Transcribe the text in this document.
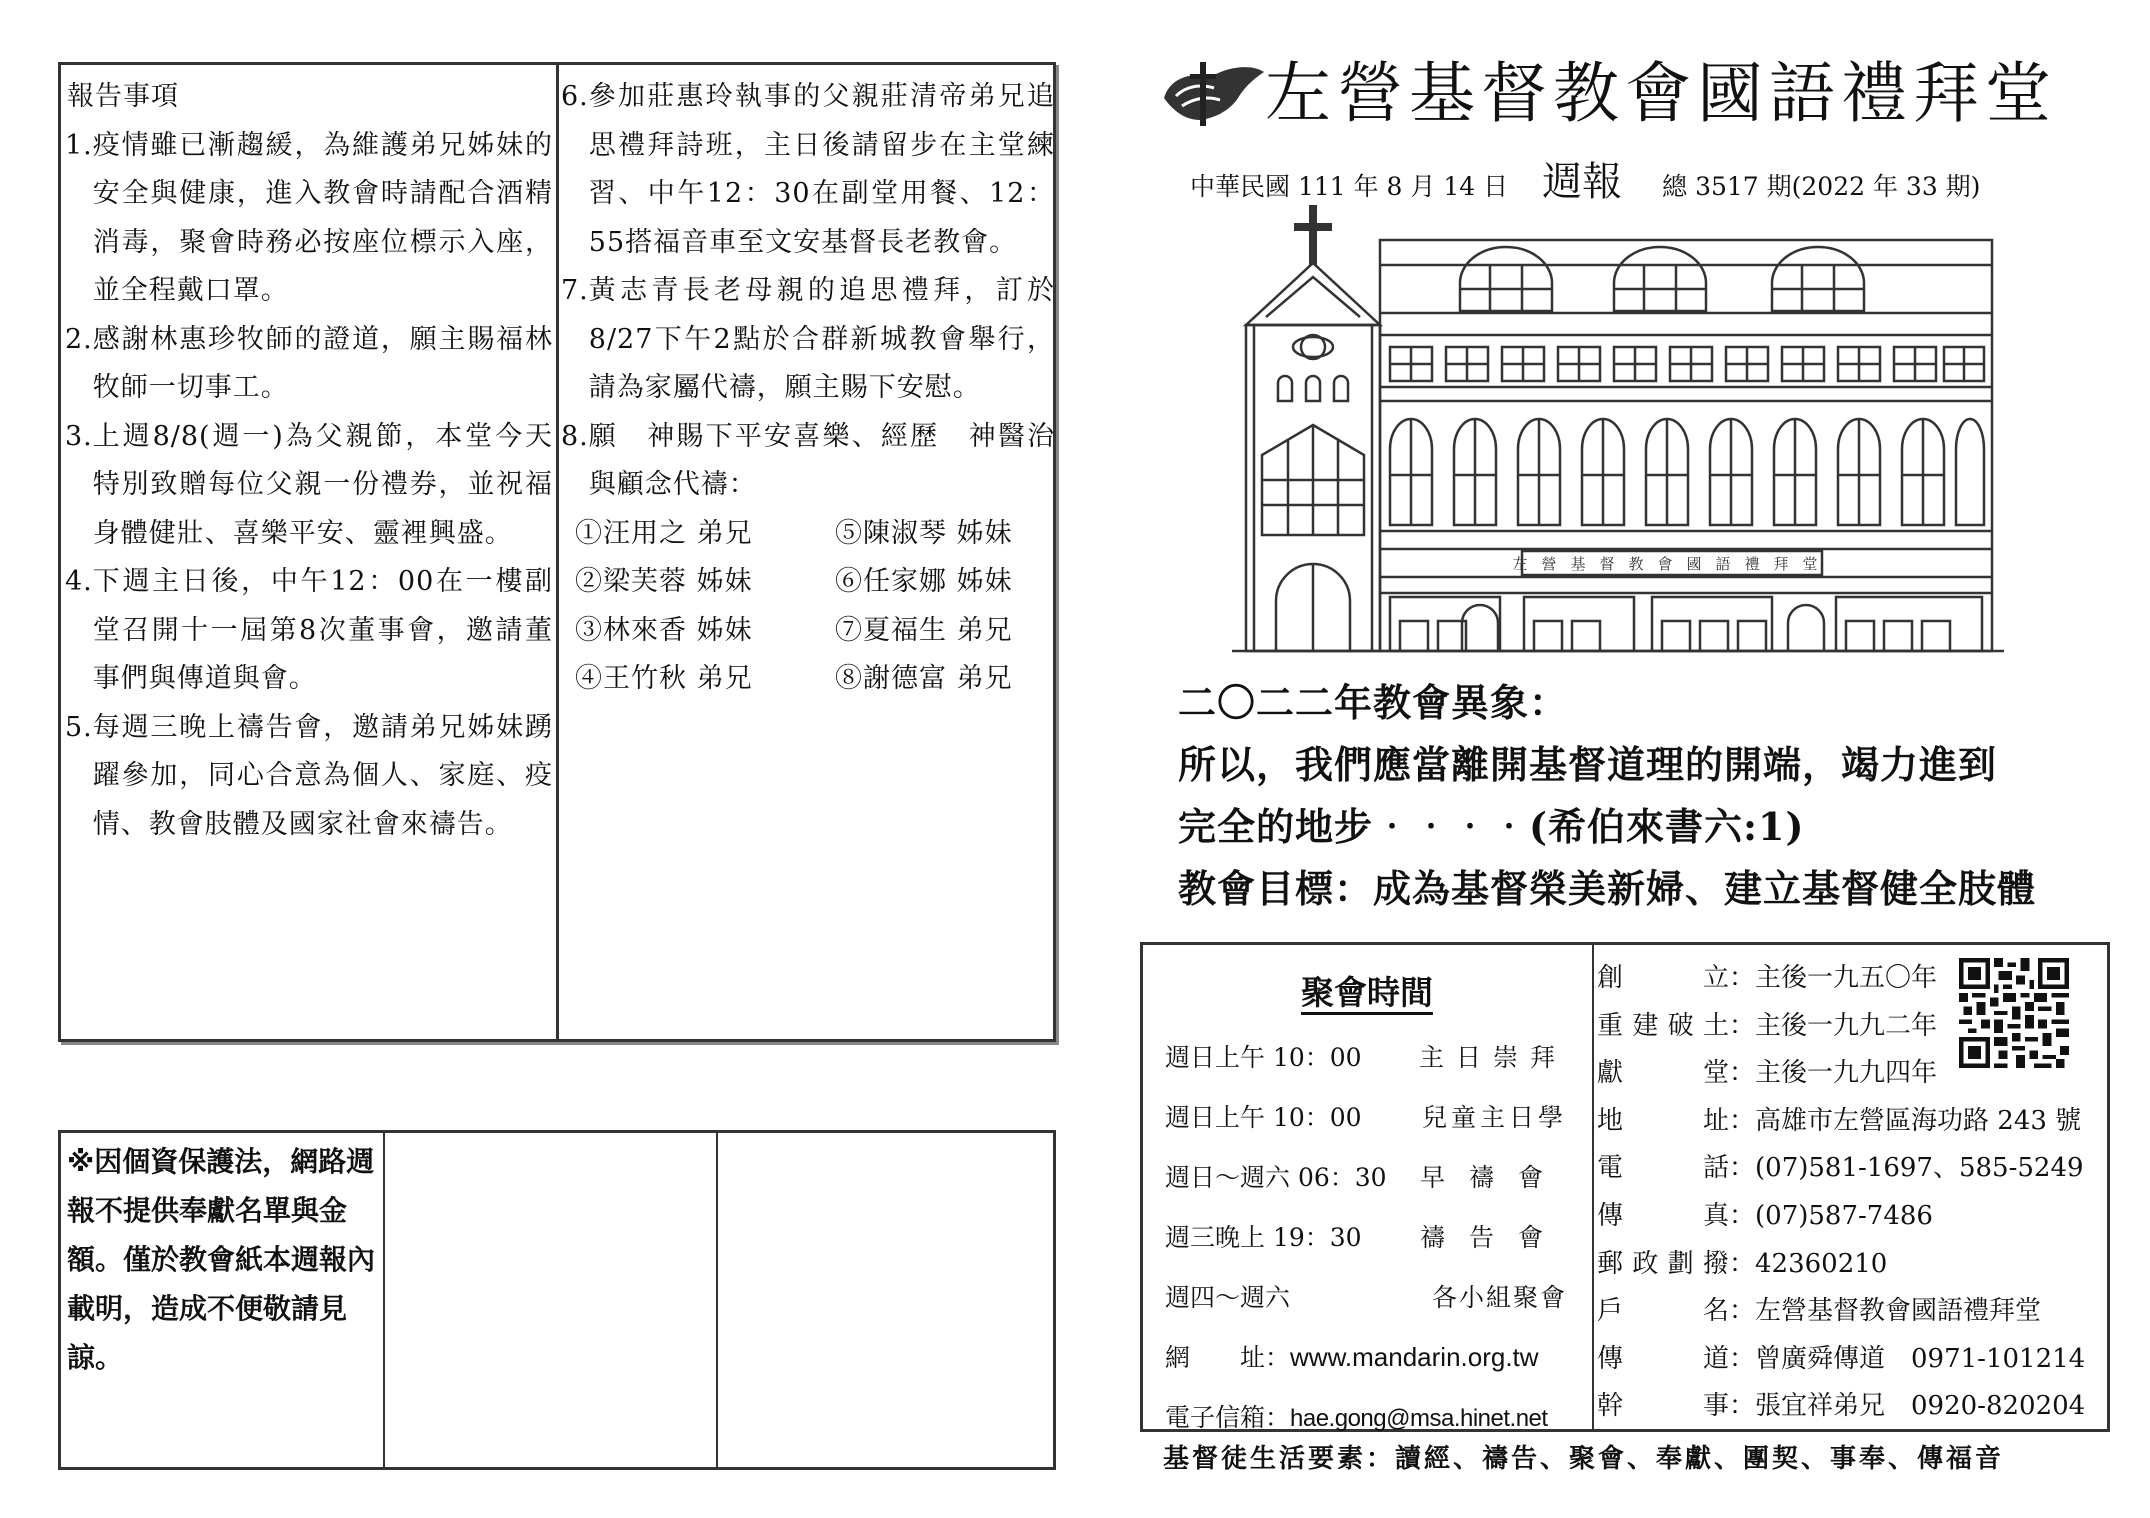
報告事項
1. 疫情雖已漸趨緩，為維護弟兄姊妹的安全與健康，進入教會時請配合酒精消毒，聚會時務必按座位標示入座，並全程戴口罩。
2. 感謝林惠珍牧師的證道，願主賜福林牧師一切事工。
3. 上週8/8(週一)為父親節，本堂今天特別致贈每位父親一份禮券，並祝福身體健壯、喜樂平安、靈裡興盛。
4. 下週主日後，中午12：00在一樓副堂召開十一屆第8次董事會，邀請董事們與傳道與會。
5. 每週三晚上禱告會，邀請弟兄姊妹踴躍參加，同心合意為個人、家庭、疫情、教會肢體及國家社會來禱告。
6. 參加莊惠玲執事的父親莊清帝弟兄追思禮拜詩班，主日後請留步在主堂練習、中午12：30在副堂用餐、12：55搭福音車至文安基督長老教會。
7. 黃志青長老母親的追思禮拜，訂於8/27下午2點於合群新城教會舉行，請為家屬代禱，願主賜下安慰。
8. 願　神賜下平安喜樂、經歷　神醫治與顧念代禱：
①汪用之 弟兄	⑤陳淑琴 姊妹
②梁芙蓉 姊妹	⑥任家娜 姊妹
③林來香 姊妹	⑦夏福生 弟兄
④王竹秋 弟兄	⑧謝德富 弟兄
※因個資保護法，網路週報不提供奉獻名單與金額。僅於教會紙本週報內載明，造成不便敬請見諒。
左營基督教會國語禮拜堂
中華民國 111 年 8 月 14 日 週報 總 3517 期(2022 年 33 期)
左營基督教會國語禮拜堂
二〇二二年教會異象：
所以，我們應當離開基督道理的開端，竭力進到
完全的地步‧‧‧‧(希伯來書六:1)
教會目標：成為基督榮美新婦、建立基督健全肢體
聚會時間
週日上午 10：00 主日崇拜
週日上午 10：00 兒童主日學
週日～週六 06：30 早禱會
週三晚上 19：30 禱告會
週四～週六	各小組聚會
網　　址：www.mandarin.org.tw
電子信箱：hae.gong@msa.hinet.net
創立：主後一九五〇年
重建破土：主後一九九二年
獻堂：主後一九九四年
地址：高雄市左營區海功路 243 號
電話：(07)581-1697、585-5249
傳真：(07)587-7486
郵政劃撥：42360210
戶名：左營基督教會國語禮拜堂
傳道：曾廣舜傳道　0971-101214
幹事：張宜祥弟兄　0920-820204
基督徒生活要素：讀經、禱告、聚會、奉獻、團契、事奉、傳福音
